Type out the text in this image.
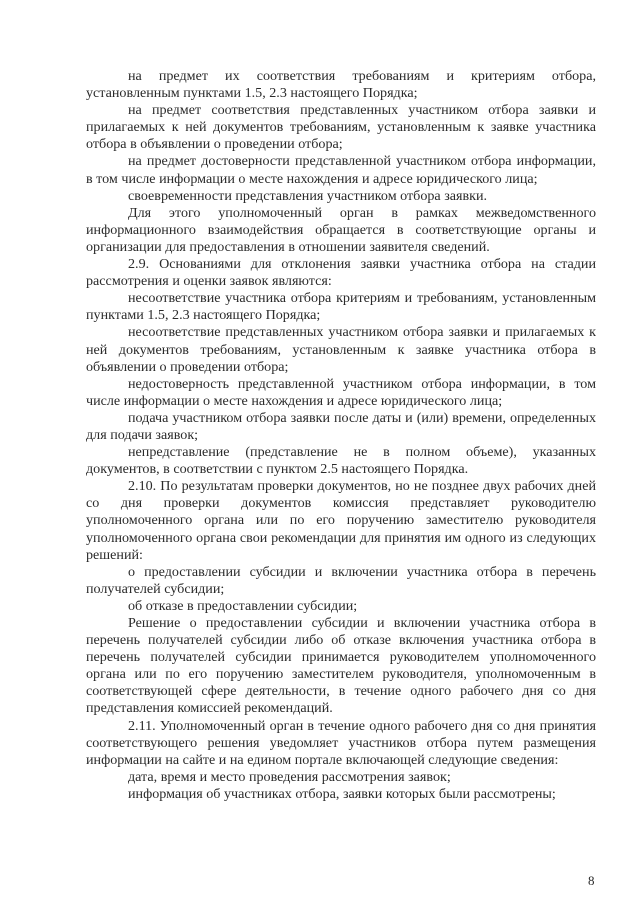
на предмет их соответствия требованиям и критериям отбора, установленным пунктами 1.5, 2.3 настоящего Порядка;

на предмет соответствия представленных участником отбора заявки и прилагаемых к ней документов требованиям, установленным к заявке участника отбора в объявлении о проведении отбора;

на предмет достоверности представленной участником отбора информации, в том числе информации о месте нахождения и адресе юридического лица;

своевременности представления участником отбора заявки.

Для этого уполномоченный орган в рамках межведомственного информационного взаимодействия обращается в соответствующие органы и организации для предоставления в отношении заявителя сведений.

2.9. Основаниями для отклонения заявки участника отбора на стадии рассмотрения и оценки заявок являются:

несоответствие участника отбора критериям и требованиям, установленным пунктами 1.5, 2.3 настоящего Порядка;

несоответствие представленных участником отбора заявки и прилагаемых к ней документов требованиям, установленным к заявке участника отбора в объявлении о проведении отбора;

недостоверность представленной участником отбора информации, в том числе информации о месте нахождения и адресе юридического лица;

подача участником отбора заявки после даты и (или) времени, определенных для подачи заявок;

непредставление (представление не в полном объеме), указанных документов, в соответствии с пунктом 2.5 настоящего Порядка.

2.10. По результатам проверки документов, но не позднее двух рабочих дней со дня проверки документов комиссия представляет руководителю уполномоченного органа или по его поручению заместителю руководителя уполномоченного органа свои рекомендации для принятия им одного из следующих решений:

о предоставлении субсидии и включении участника отбора в перечень получателей субсидии;

об отказе в предоставлении субсидии;

Решение о предоставлении субсидии и включении участника отбора в перечень получателей субсидии либо об отказе включения участника отбора в перечень получателей субсидии принимается руководителем уполномоченного органа или по его поручению заместителем руководителя, уполномоченным в соответствующей сфере деятельности, в течение одного рабочего дня со дня представления комиссией рекомендаций.

2.11. Уполномоченный орган в течение одного рабочего дня со дня принятия соответствующего решения уведомляет участников отбора путем размещения информации на сайте и на едином портале включающей следующие сведения:

дата, время и место проведения рассмотрения заявок;

информация об участниках отбора, заявки которых были рассмотрены;

8
